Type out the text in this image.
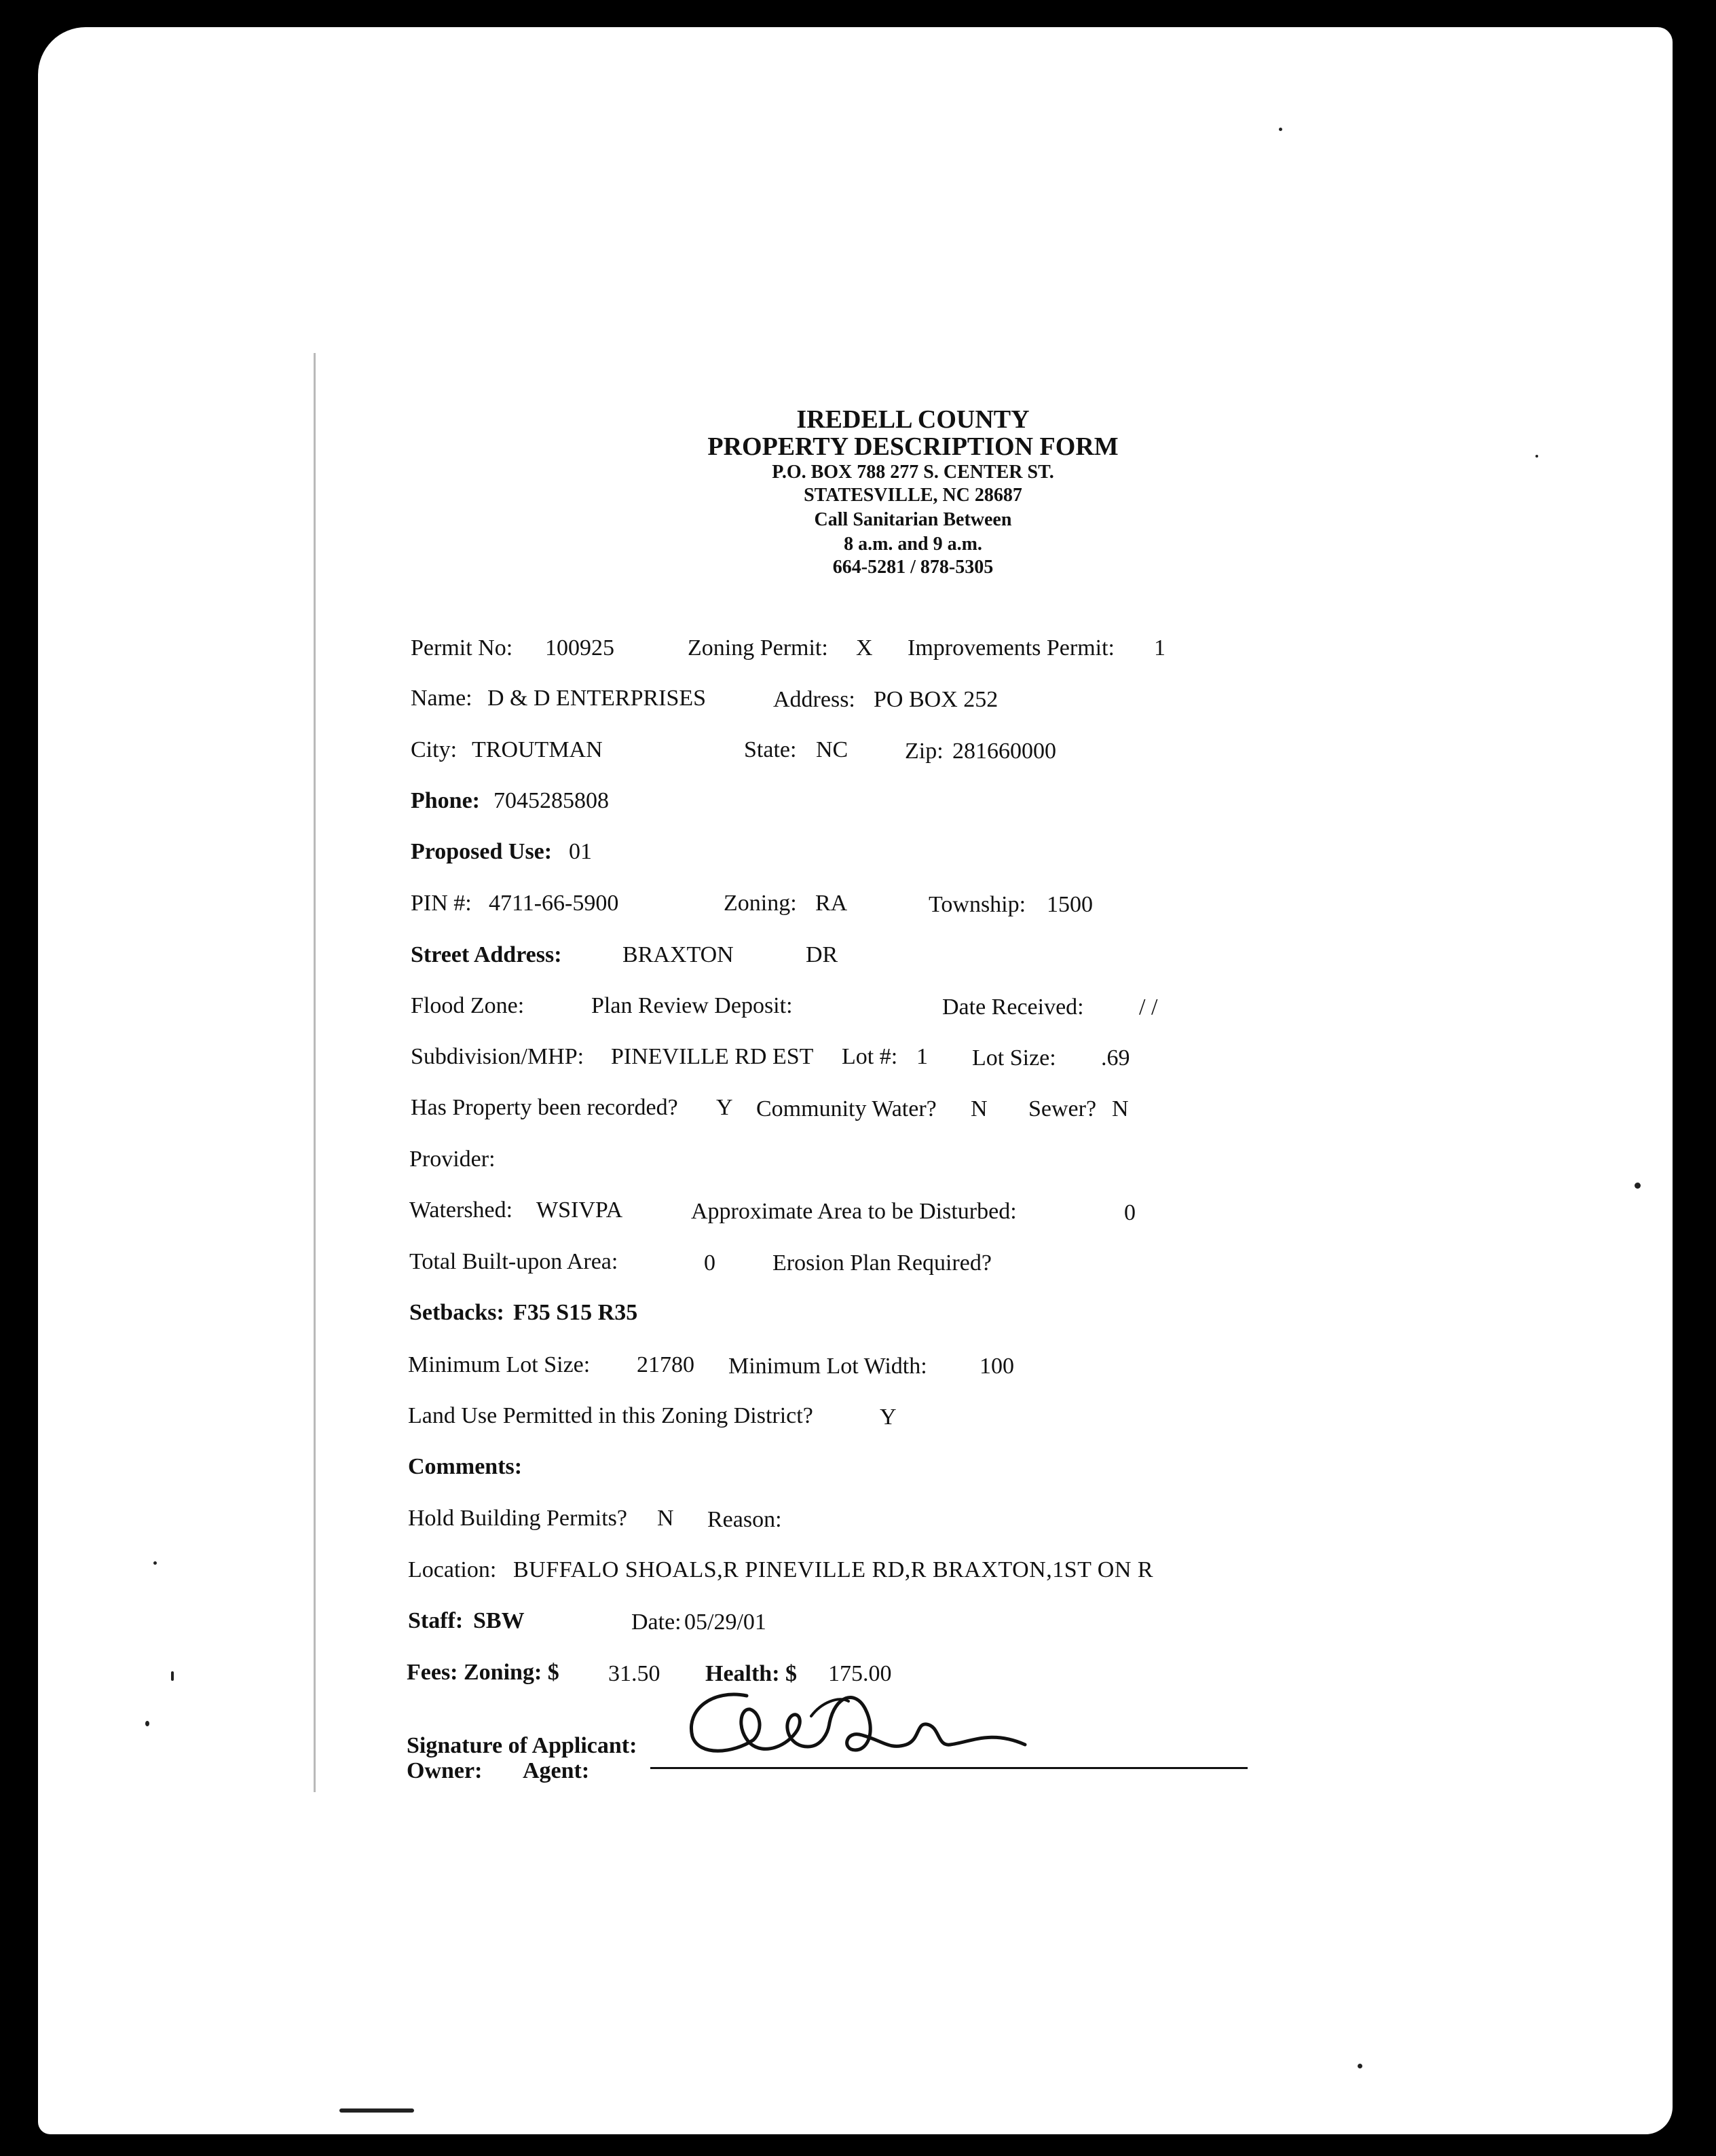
IREDELL COUNTY
PROPERTY DESCRIPTION FORM
P.O. BOX 788 277 S. CENTER ST.
STATESVILLE, NC 28687
Call Sanitarian Between
8 a.m. and 9 a.m.
664-5281 / 878-5305
Permit No: 100925	Zoning Permit: X Improvements Permit: 1
Name: D & D ENTERPRISES	Address: PO BOX 252
City: TROUTMAN	State: NC Zip: 281660000
Phone: 7045285808
Proposed Use: 01
PIN #: 4711-66-5900	Zoning: RA	Township: 1500
Street Address:	BRAXTON	DR
Flood Zone:	Plan Review Deposit:	Date Received: / /
Subdivision/MHP: PINEVILLE RD EST Lot #: 1 Lot Size: .69
Has Property been recorded? Y Community Water? N Sewer? N
Provider:
Watershed: WSIVPA	Approximate Area to be Disturbed:	0
Total Built-upon Area:	0 Erosion Plan Required?
Setbacks: F35 S15 R35
Minimum Lot Size: 21780 Minimum Lot Width: 100
Land Use Permitted in this Zoning District?	Y
Comments:
Hold Building Permits? N Reason:
Location: BUFFALO SHOALS,R PINEVILLE RD,R BRAXTON,1ST ON R
Staff: SBW	Date: 05/29/01
Fees: Zoning: $ 31.50 Health: $ 175.00
Signature of Applicant:
Owner: Agent:
